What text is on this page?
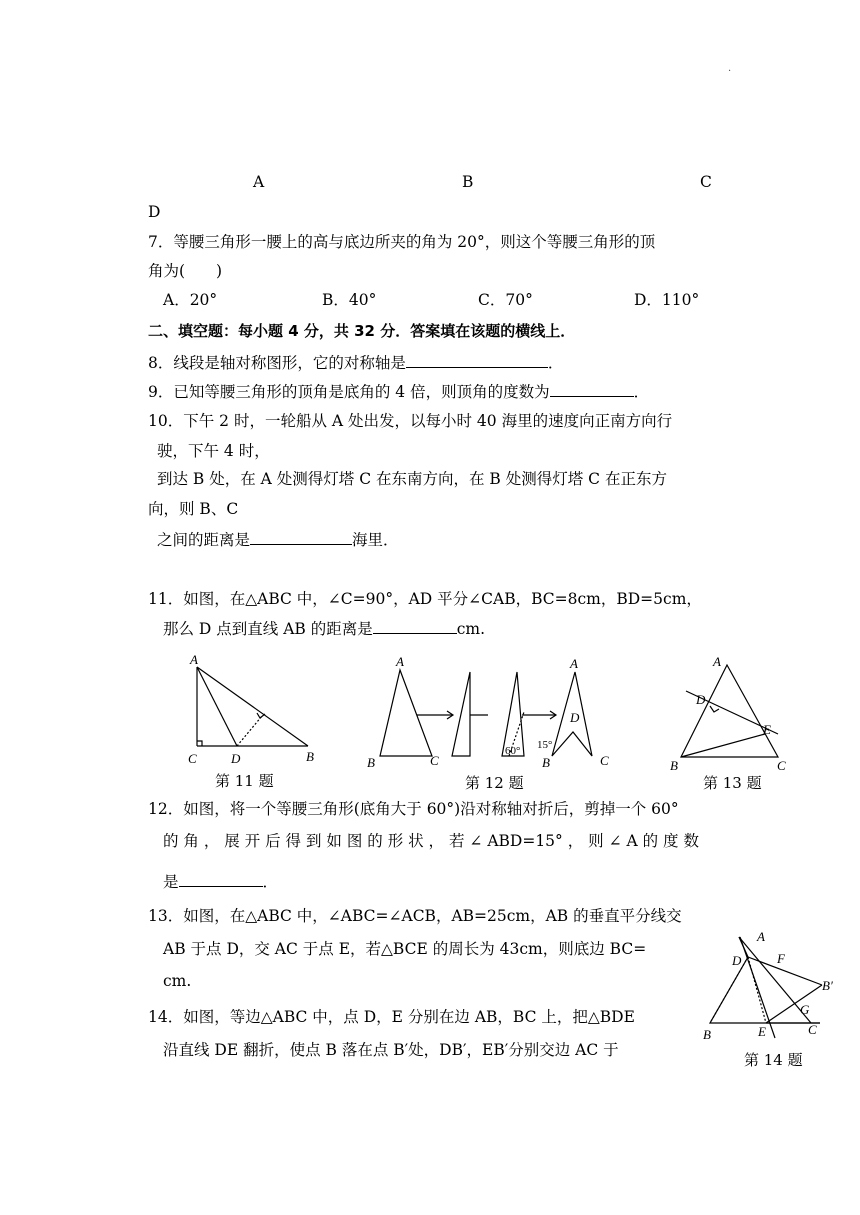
·
A	B	C
D
7．等腰三角形一腰上的高与底边所夹的角为 20°，则这个等腰三角形的顶
角为(　　)
A．20°	B．40°	C．70°	D．110°
二、填空题：每小题 4 分，共 32 分．答案填在该题的横线上．
8．线段是轴对称图形，它的对称轴是	．
9．已知等腰三角形的顶角是底角的 4 倍，则顶角的度数为	．
10．下午 2 时，一轮船从 A 处出发，以每小时 40 海里的速度向正南方向行
驶，下午 4 时，
到达 B 处，在 A 处测得灯塔 C 在东南方向，在 B 处测得灯塔 C 在正东方
向，则 B、C
之间的距离是	海里．
11．如图，在△ABC 中，∠C=90°，AD 平分∠CAB，BC=8cm，BD=5cm，
那么 D 点到直线 AB 的距离是	cm.
A
C	D	B
第 11 题
A
B	C
60°
A
D
15°
B	C
第 12 题
A
D
E
B	C
第 13 题
12．如图，将一个等腰三角形(底角大于 60°)沿对称轴对折后，剪掉一个 60°
的 角 ， 展 开 后 得 到 如 图 的 形 状 ， 若 ∠ ABD=15° ， 则 ∠ A 的 度 数
是	．
13．如图，在△ABC 中，∠ABC=∠ACB，AB=25cm，AB 的垂直平分线交
AB 于点 D，交 AC 于点 E，若△BCE 的周长为 43cm，则底边 BC=
cm.
A
F
D
B′
G
B	E	C
第 14 题
14．如图，等边△ABC 中，点 D，E 分别在边 AB，BC 上，把△BDE
沿直线 DE 翻折，使点 B 落在点 B′处，DB′，EB′分别交边 AC 于
